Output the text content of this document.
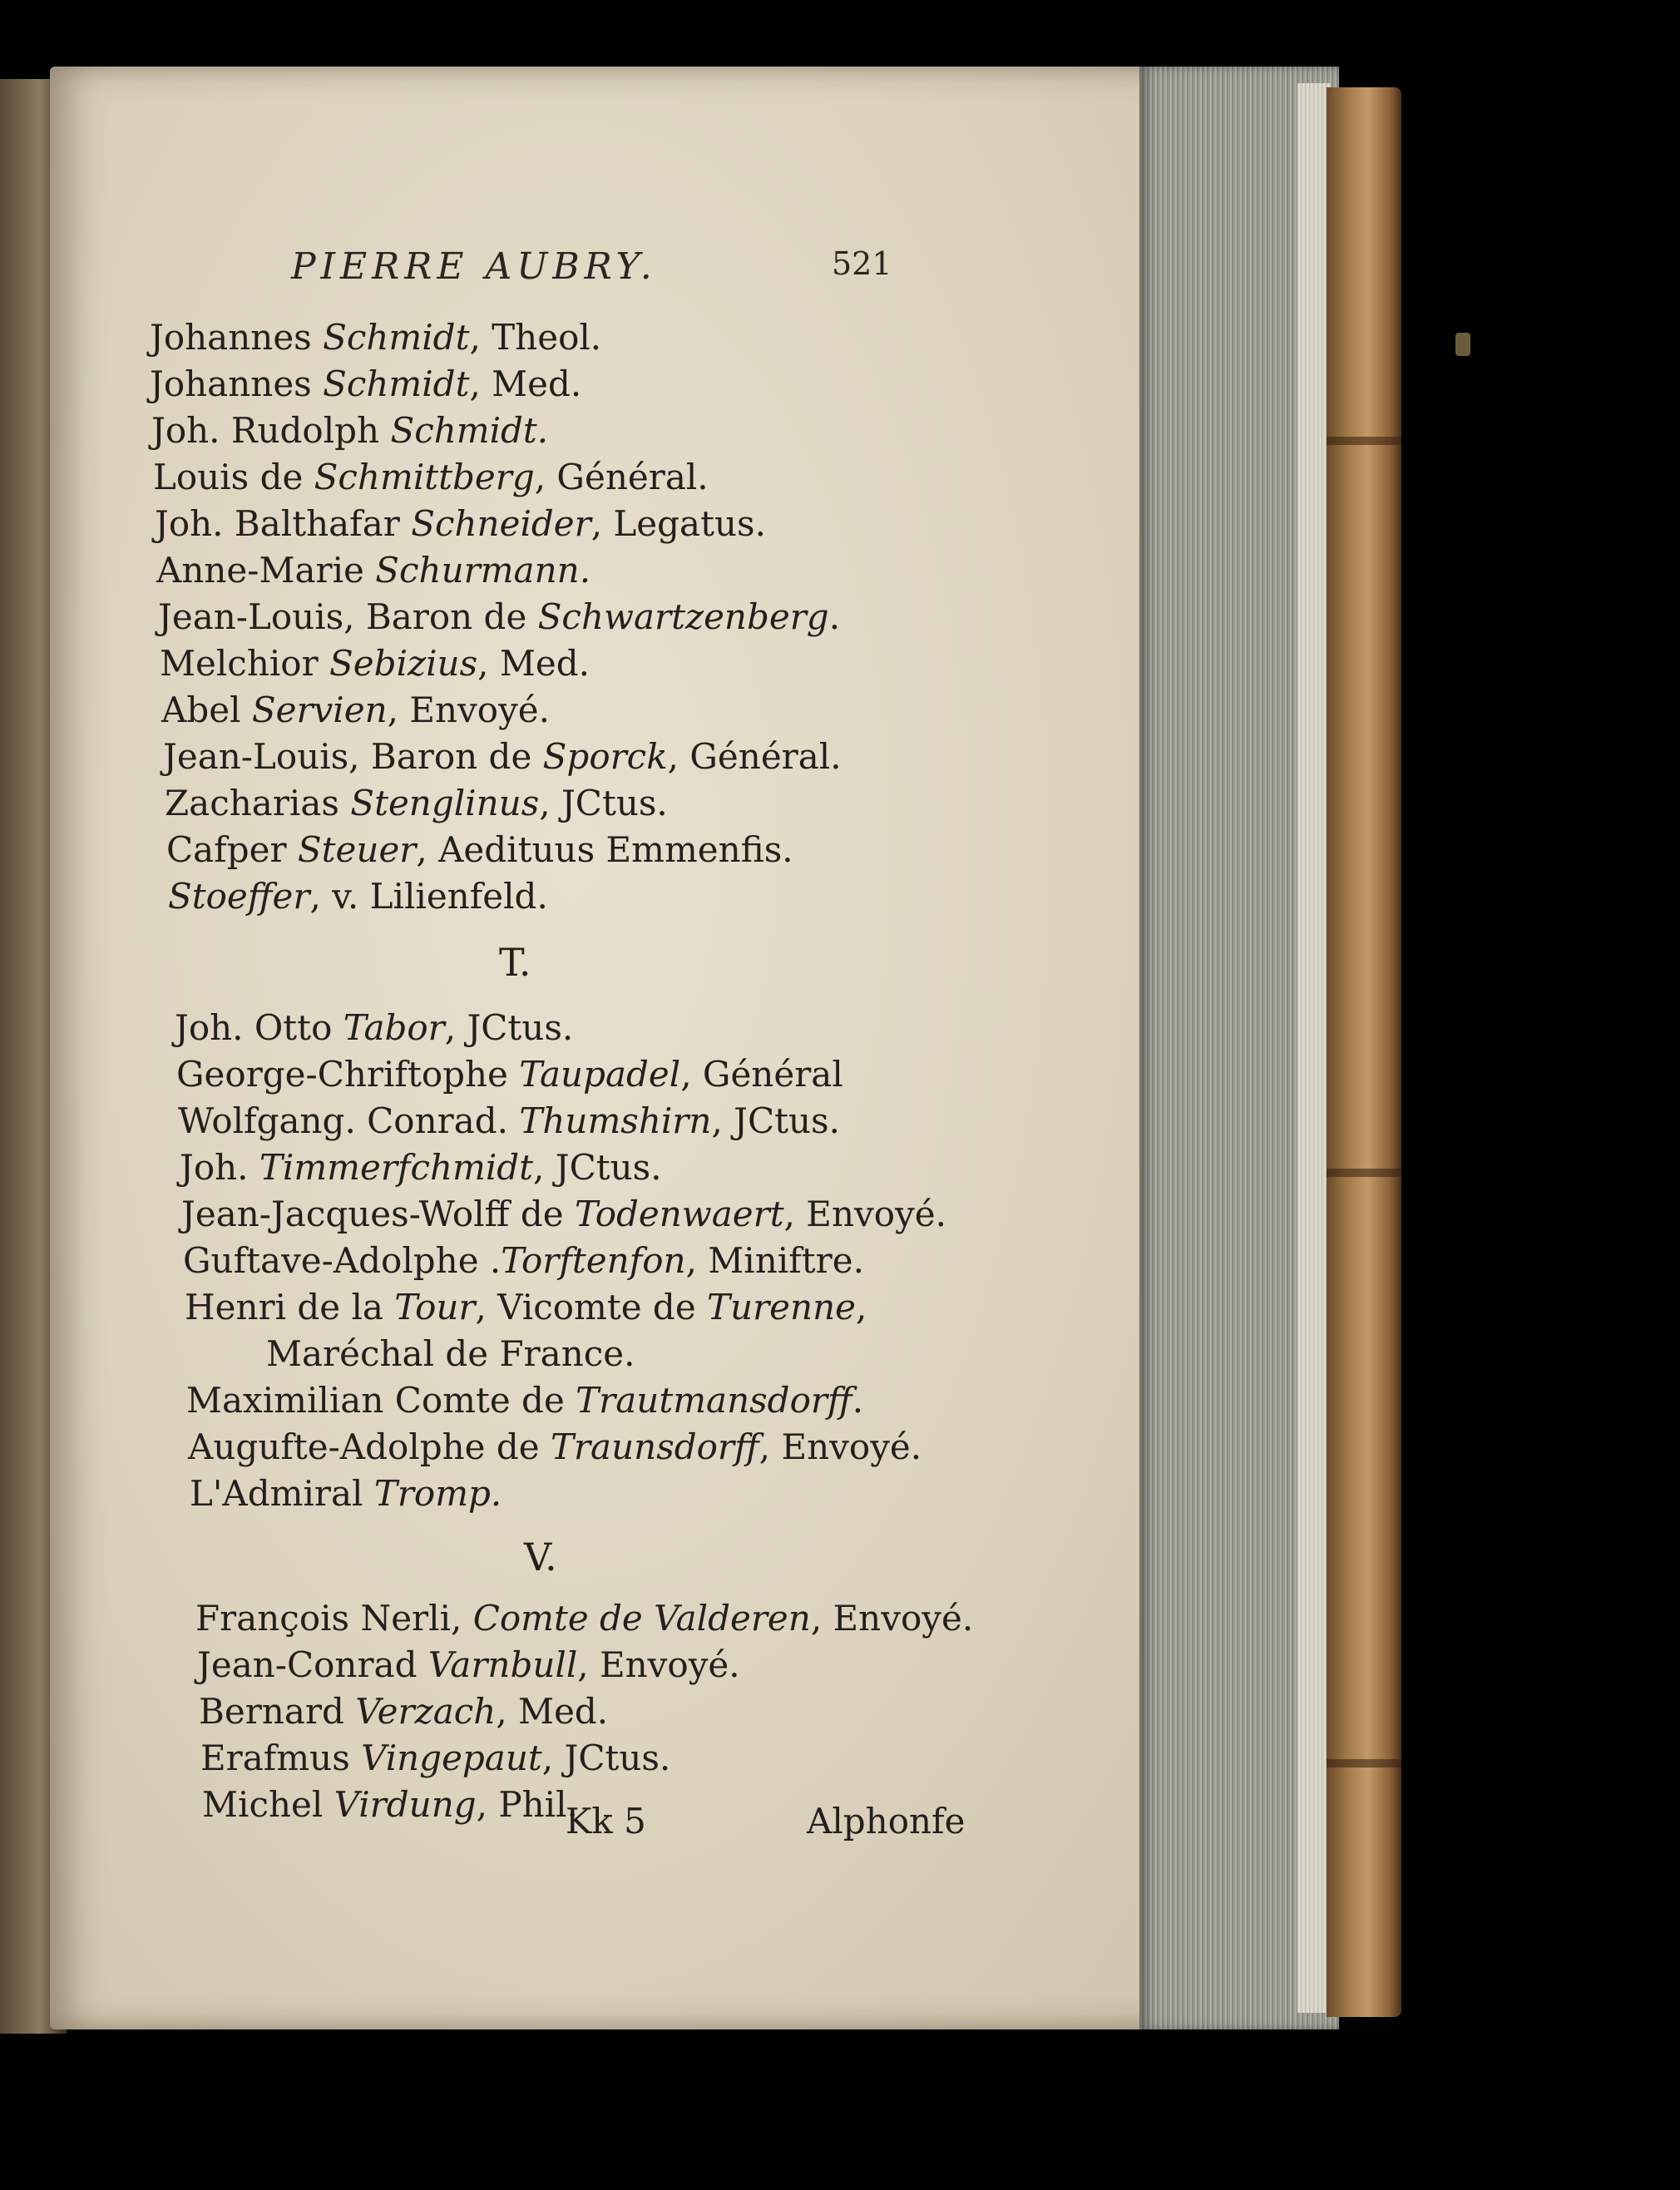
PIERRE AUBRY.	521
Johannes Schmidt, Theol.
Johannes Schmidt, Med.
Joh. Rudolph Schmidt.
Louis de Schmittberg, Général.
Joh. Balthafar Schneider, Legatus.
Anne-Marie Schurmann.
Jean-Louis, Baron de Schwartzenberg.
Melchior Sebizius, Med.
Abel Servien, Envoyé.
Jean-Louis, Baron de Sporck, Général.
Zacharias Stenglinus, JCtus.
Cafper Steuer, Aedituus Emmenfis.
Stoeffer, v. Lilienfeld.
T.
Joh. Otto Tabor, JCtus.
George-Chriftophe Taupadel, Général
Wolfgang. Conrad. Thumshirn, JCtus.
Joh. Timmerfchmidt, JCtus.
Jean-Jacques-Wolff de Todenwaert, Envoyé.
Guftave-Adolphe .Torftenfon, Miniftre.
Henri de la Tour, Vicomte de Turenne,
Maréchal de France.
Maximilian Comte de Trautmansdorff.
Augufte-Adolphe de Traunsdorff, Envoyé.
L'Admiral Tromp.
V.
François Nerli, Comte de Valderen, Envoyé.
Jean-Conrad Varnbull, Envoyé.
Bernard Verzach, Med.
Erafmus Vingepaut, JCtus.
Michel Virdung, Phil.
Kk 5	Alphonfe
